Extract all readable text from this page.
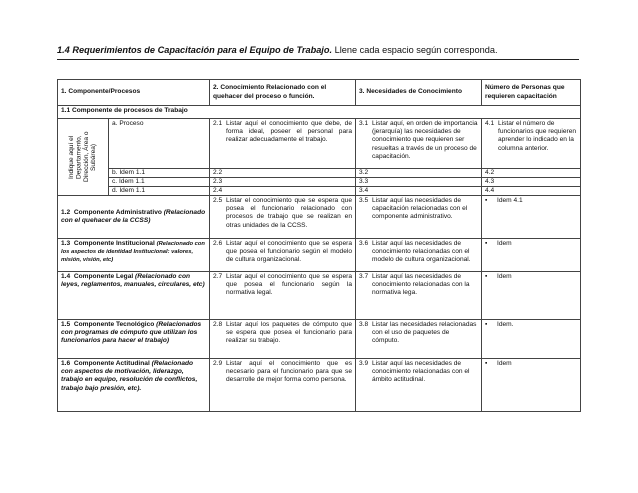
1.4 Requerimientos de Capacitación para el Equipo de Trabajo. Llene cada espacio según corresponda.
1. Componente/Procesos		2. Conocimiento Relacionado con el quehacer del proceso o función.	3. Necesidades de Conocimiento	Número de Personas que requieren capacitación
1.1 Componente de procesos de Trabajo				

Indique aquí el
Departamento,
Dirección, Área o
Subárea)	a. Proceso	2.1 Listar aquí el conocimiento que debe, de forma ideal, poseer el personal para realizar adecuadamente el trabajo.	3.1 Listar aquí, en orden de importancia (jerarquía) las necesidades de conocimiento que requieren ser resueltas a través de un proceso de capacitación.	4.1 Listar el número de funcionarios que requieren aprender lo indicado en la columna anterior.

	b. Idem 1.1	2.2	3.2	4.2
	c. Idem 1.1	2.3	3.3	4.3
	d. Idem 1.1	2.4	3.4	4.4
1.2 Componente Administrativo (Relacionado con el quehacer de la CCSS)		2.5 Listar el conocimiento que se espera que posea el funcionario relacionado con procesos de trabajo que se realizan en otras unidades de la CCSS.	3.5 Listar aquí las necesidades de capacitación relacionadas con el componente administrativo.	▪ Idem 4.1
1.3 Componente Institucional (Relacionado con los aspectos de identidad Institucional: valores, misión, visión, etc)		2.6 Listar aquí el conocimiento que se espera que posea el funcionario según el modelo de cultura organizacional.	3.6 Listar aquí las necesidades de conocimiento relacionadas con el modelo de cultura organizacional.	▪ Idem
1.4 Componente Legal (Relacionado con leyes, reglamentos, manuales, circulares, etc)		2.7 Listar aquí el conocimiento que se espera que posea el funcionario según la normativa legal.	3.7 Listar aquí las necesidades de conocimiento relacionadas con la normativa lega.	▪ Idem
1.5 Componente Tecnológico (Relacionados con programas de cómputo que utilizan los funcionarios para hacer el trabajo)		2.8 Listar aquí los paquetes de cómputo que se espera que posea el funcionario para realizar su trabajo.	3.8 Listar las necesidades relacionadas con el uso de paquetes de cómputo.	▪ Idem.
1.6 Componente Actitudinal (Relacionado con aspectos de motivación, liderazgo, trabajo en equipo, resolución de conflictos, trabajo bajo presión, etc).		2.9 Listar aquí el conocimiento que es necesario para el funcionario para que se desarrolle de mejor forma como persona.	3.9 Listar aquí las necesidades de conocimiento relacionadas con el ámbito actitudinal.	▪ Idem
